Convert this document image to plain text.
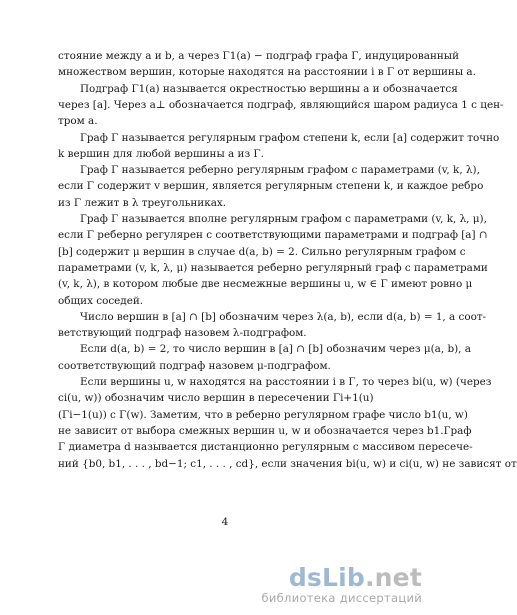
стояние между a и b, а через Γ1(a) − подграф графа Γ, индуцированный
множеством вершин, которые находятся на расстоянии i в Γ от вершины a.
Подграф Γ1(a) называется окрестностью вершины a и обозначается
через [a]. Через a⊥ обозначается подграф, являющийся шаром радиуса 1 с цен-
тром a.
Граф Γ называется регулярным графом степени k, если [a] содержит точно
k вершин для любой вершины a из Γ.
Граф Γ называется реберно регулярным графом с параметрами (v, k, λ),
если Γ содержит v вершин, является регулярным степени k, и каждое ребро
из Γ лежит в λ треугольниках.
Граф Γ называется вполне регулярным графом с параметрами (v, k, λ, μ),
если Γ реберно регулярен с соответствующими параметрами и подграф [a] ∩
[b] содержит μ вершин в случае d(a, b) = 2. Сильно регулярным графом с
параметрами (v, k, λ, μ) называется реберно регулярный граф с параметрами
(v, k, λ), в котором любые две несмежные вершины u, w ∈ Γ имеют ровно μ
общих соседей.
Число вершин в [a] ∩ [b] обозначим через λ(a, b), если d(a, b) = 1, а соот-
ветствующий подграф назовем λ-подграфом.
Если d(a, b) = 2, то число вершин в [a] ∩ [b] обозначим через μ(a, b), а
соответствующий подграф назовем μ-подграфом.
Если вершины u, w находятся на расстоянии i в Γ, то через bi(u, w) (через
ci(u, w)) обозначим число вершин в пересечении Γi+1(u)
(Γi−1(u)) с Γ(w). Заметим, что в реберно регулярном графе число b1(u, w)
не зависит от выбора смежных вершин u, w и обозначается через b1.Граф
Γ диаметра d называется дистанционно регулярным с массивом пересече-
ний {b0, b1, . . . , bd−1; c1, . . . , cd}, если значения bi(u, w) и ci(u, w) не зависят от
4
dsLib.net
библиотека диссертаций
